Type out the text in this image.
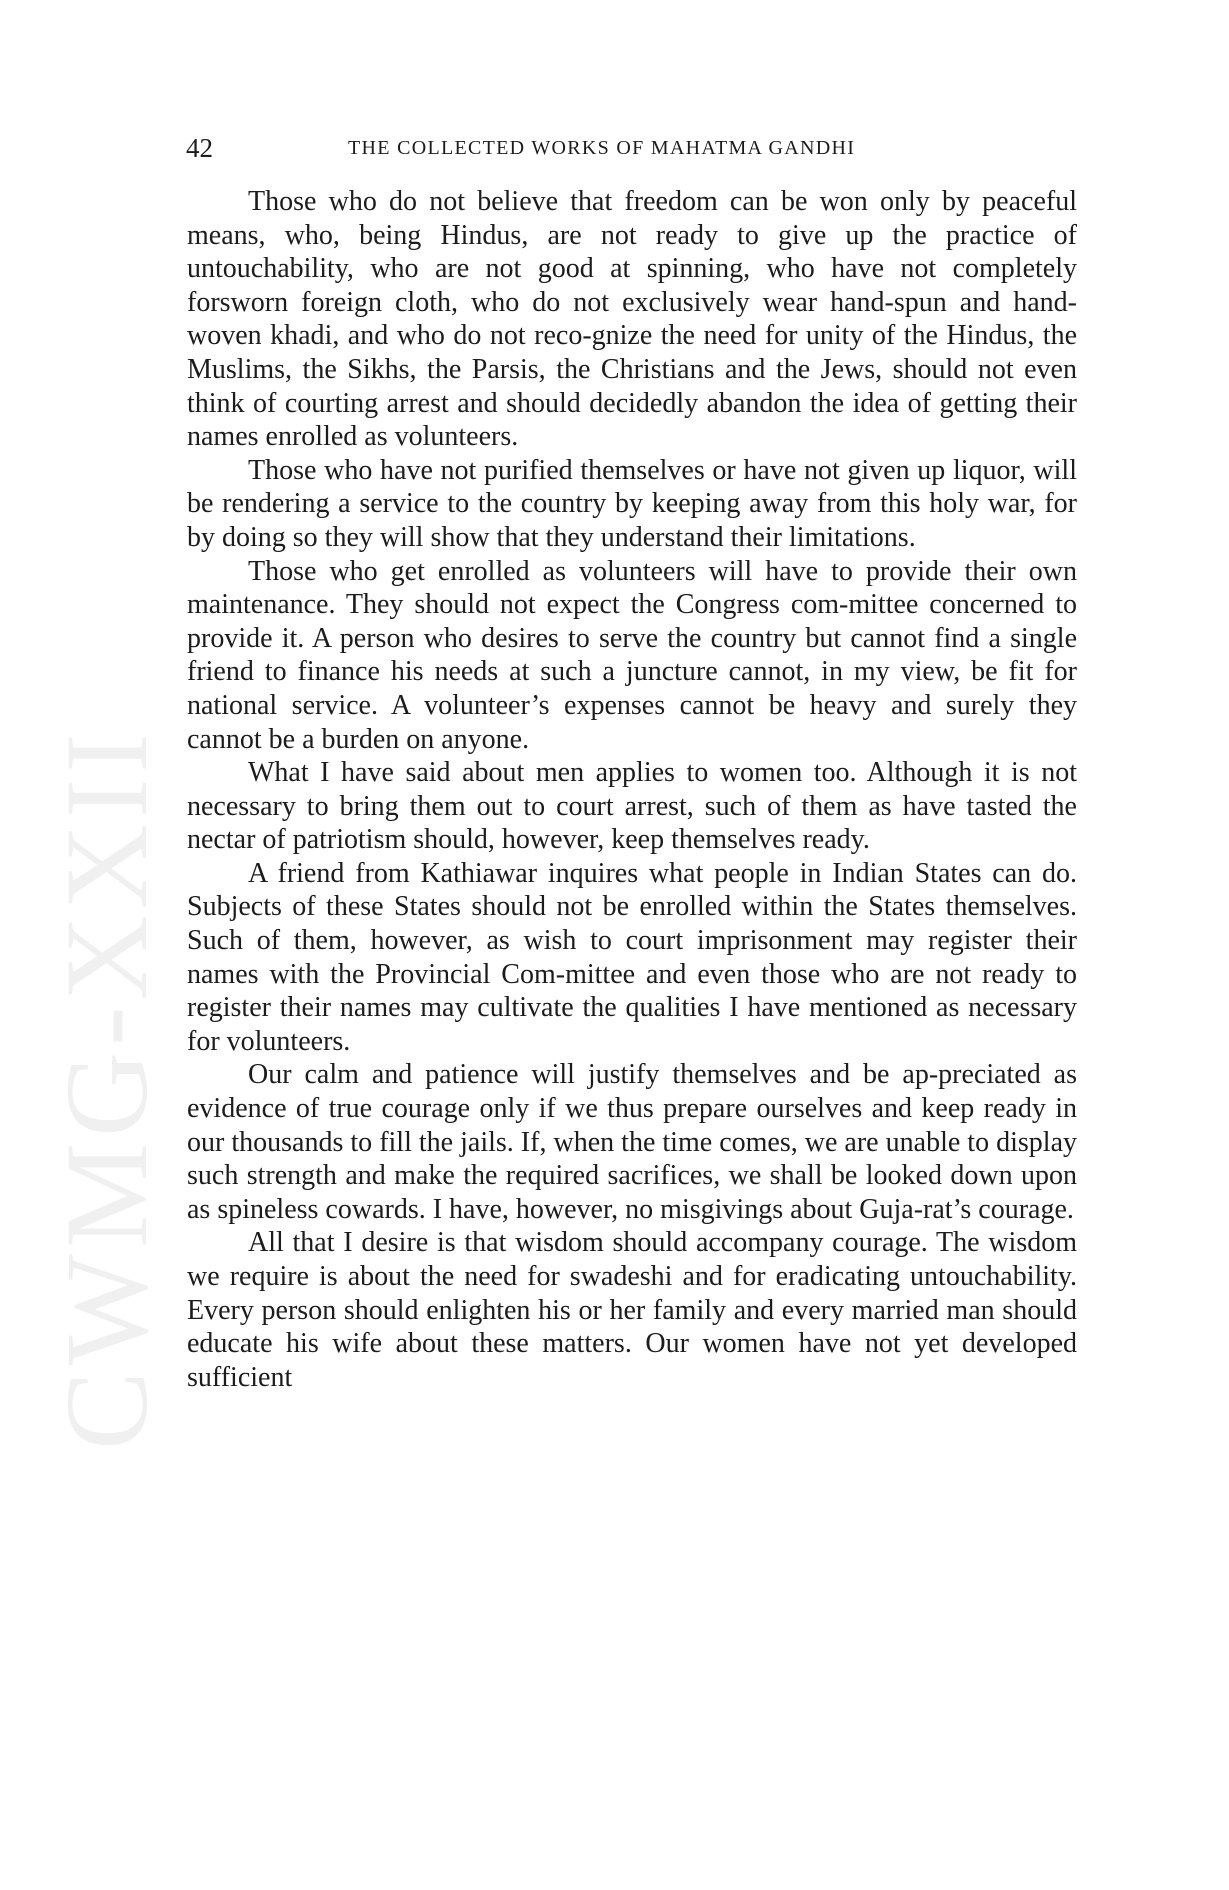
CWMG-XXII
42	THE COLLECTED WORKS OF MAHATMA GANDHI

Those who do not believe that freedom can be won only by peaceful means, who, being Hindus, are not ready to give up the practice of untouchability, who are not good at spinning, who have not completely forsworn foreign cloth, who do not exclusively wear hand-spun and hand-woven khadi, and who do not reco-gnize the need for unity of the Hindus, the Muslims, the Sikhs, the Parsis, the Christians and the Jews, should not even think of courting arrest and should decidedly abandon the idea of getting their names enrolled as volunteers.

Those who have not purified themselves or have not given up liquor, will be rendering a service to the country by keeping away from this holy war, for by doing so they will show that they understand their limitations.

Those who get enrolled as volunteers will have to provide their own maintenance. They should not expect the Congress com-mittee concerned to provide it. A person who desires to serve the country but cannot find a single friend to finance his needs at such a juncture cannot, in my view, be fit for national service. A volunteer’s expenses cannot be heavy and surely they cannot be a burden on anyone.

What I have said about men applies to women too. Although it is not necessary to bring them out to court arrest, such of them as have tasted the nectar of patriotism should, however, keep themselves ready.

A friend from Kathiawar inquires what people in Indian States can do. Subjects of these States should not be enrolled within the States themselves. Such of them, however, as wish to court imprisonment may register their names with the Provincial Com-mittee and even those who are not ready to register their names may cultivate the qualities I have mentioned as necessary for volunteers.

Our calm and patience will justify themselves and be ap-preciated as evidence of true courage only if we thus prepare ourselves and keep ready in our thousands to fill the jails. If, when the time comes, we are unable to display such strength and make the required sacrifices, we shall be looked down upon as spineless cowards. I have, however, no misgivings about Guja-rat’s courage.

All that I desire is that wisdom should accompany courage. The wisdom we require is about the need for swadeshi and for eradicating untouchability. Every person should enlighten his or her family and every married man should educate his wife about these matters. Our women have not yet developed sufficient
